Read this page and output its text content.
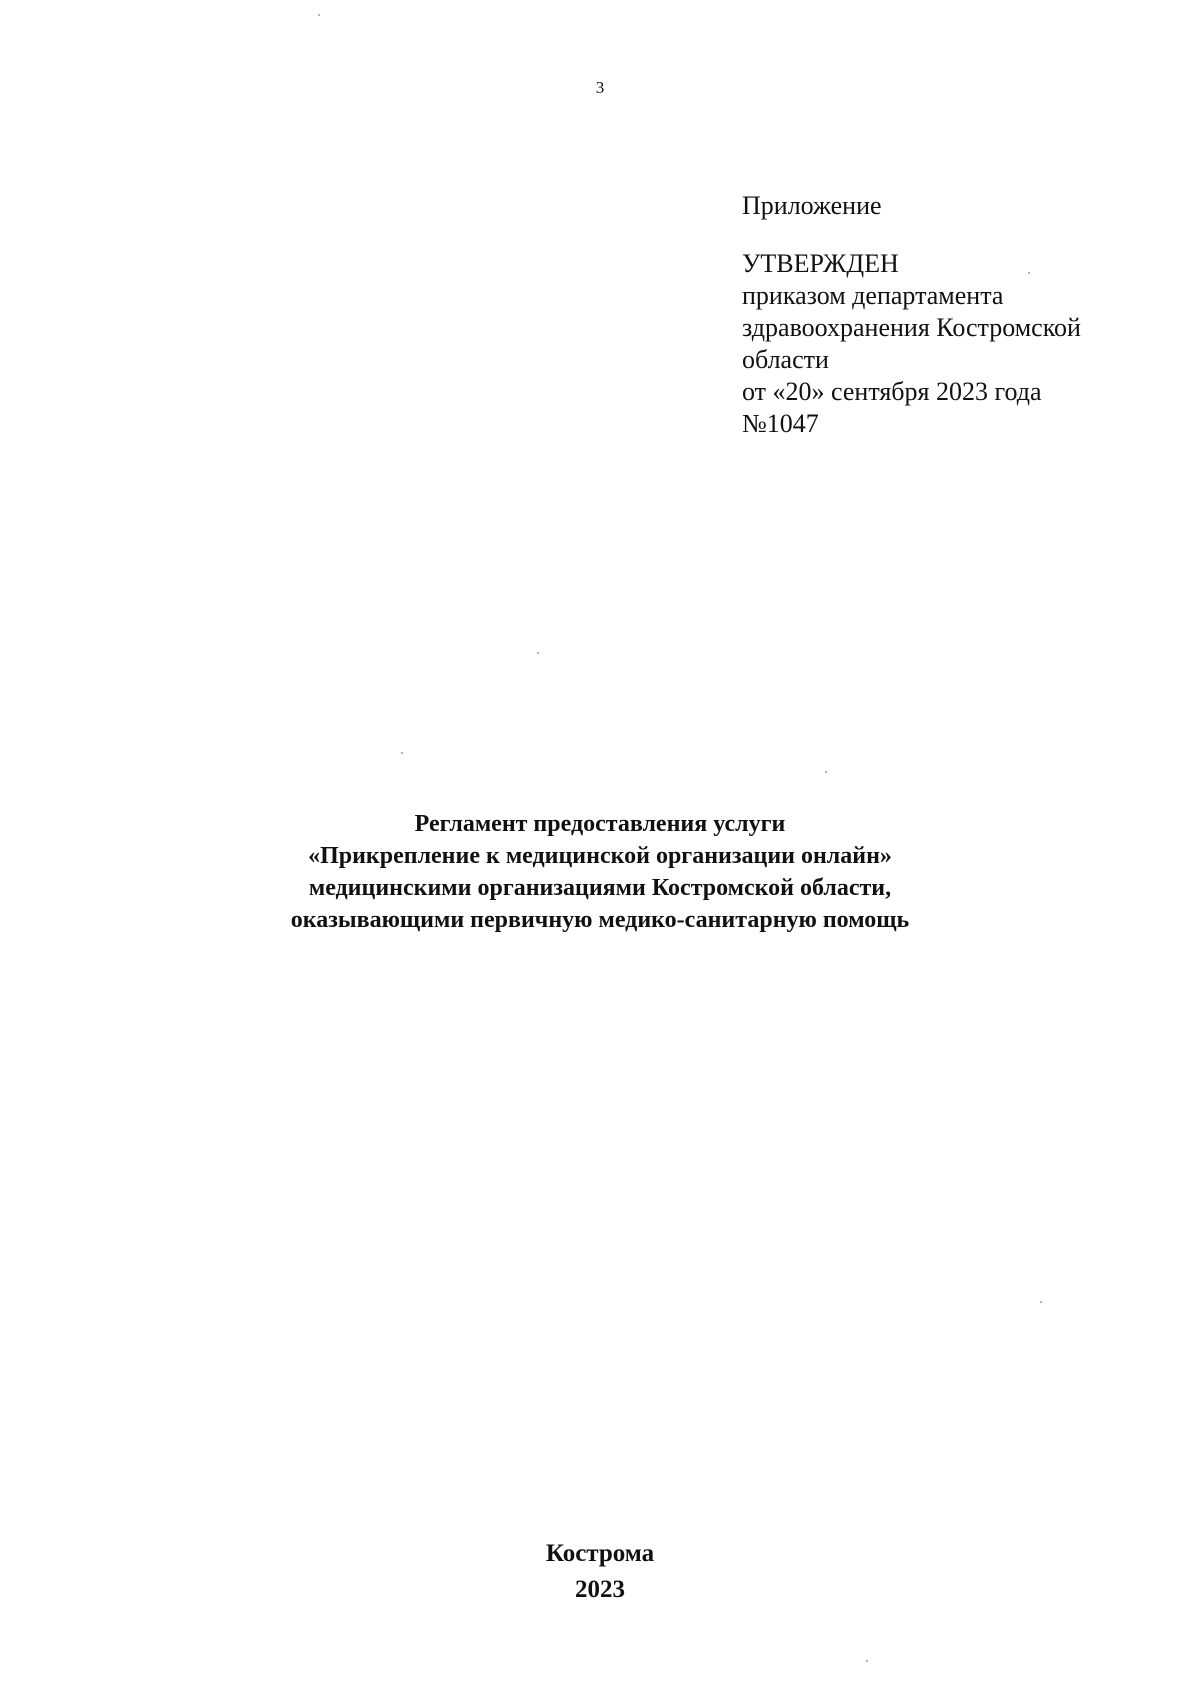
3
Приложение
УТВЕРЖДЕН
приказом департамента
здравоохранения Костромской
области
от «20» сентября 2023 года
№1047
Регламент предоставления услуги
«Прикрепление к медицинской организации онлайн»
медицинскими организациями Костромской области,
оказывающими первичную медико-санитарную помощь
Кострома
2023
